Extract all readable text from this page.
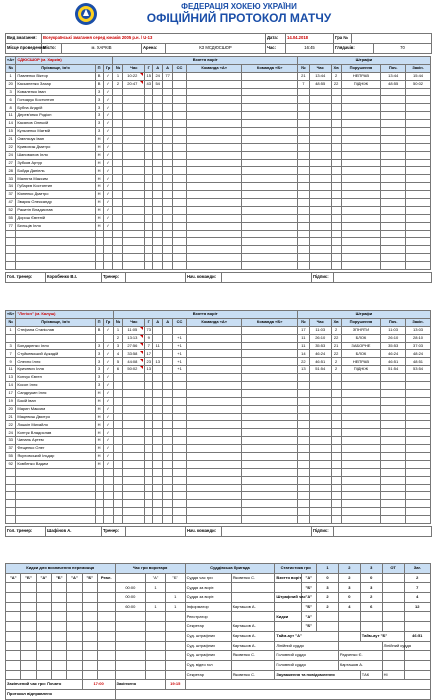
ФЕДЕРАЦІЯ ХОКЕЮ УКРАЇНИ
ОФІЦІЙНИЙ ПРОТОКОЛ МАТЧУ
Вид змагання:	Всеукраїнські змагання серед юнаків 2005 р.н. / U-13				Дата:	14.04.2018	Гра №		
Місце проведення:	Місто:	м. ХАРКІВ	Арена:	КЗ МСДЮСШОР	Час:	16:45	Глядачів:		70
«А»	СДЮСШОР (м. Харків)			Взяття воріт								Штрафи					
№	Прізвище, Ім'я	П	Гр	№	Час	Г	А	А	СС	Команда «А»	Команда «Б»	№	Час	Хв	Порушення	Поч.	Закін.
1	Павленко Віктор	В	✓	1	10:22	15	24	77				21	13:44	2	НЕПРАВ	13:44	15:44
20	Касьяненко Захар	В	✓	2	20:47	43	54					7	48:55	22	ПІДНІЖ	48:55	50:02
3	Коваленко Іван	З	✓														
6	Гончарук Костянтин	З	✓														
8	Бубна Андрій	З	✓														
11	Дерев'янко Родіон	З	✓														
14	Касянов Олексій	З	✓														
15	Кульченко Матвій	З	✓														
21	Омельчук Іван	Н	✓														
22	Кривохиж Дмитро	Н	✓														
24	Шаповалов Ілля	Н	✓														
27	Зубков Артур	Н	✓														
28	Бойда Даніель	Н	✓														
33	Малюта Максим	Н	✓														
34	Губарєв Костянтин	Н	✓														
37	Кіяненко Дмитро	Н	✓														
47	Зварик Олександр	Н	✓														
52	Ракитін Владислав	Н	✓														
55	Дорош Євгеній	Н	✓														
77	Бєльців Ілля	Н	✓														

Гол. тренер:	Коробенко В.І.	Тренер:		Нач. команди:		Підпис:	
«Б»	"Легіон" (м. Калуш)			Взяття воріт								Штрафи					
№	Прізвище, Ім'я	П	Гр	№	Час	Г	А	А	СС	Команда «А»	Команда «Б»	№	Час	Хв	Порушення	Поч.	Закін.
1	Стефана Станіслав	В	✓	1	11:05	73						17	11:03	2	ЗПНЯТИ	11:03	13:03
				2	13:13	9			+1			11	26:10	22	БЛОК	26:10	28:10
3	Бондаренко Ілля	З	✓	3	27:56	7	11		+1			11	35:53	21	ЗАБОРНЕ	35:53	37:03
7	Стуйкевський Аркадій	З	✓	4	33:58	17			+1			14	46:24	22	БЛОК	46:24	48:24
9	Олехно Ілля	З	✓	5	44:08	23	13		+1			22	46:51	2	НЕПРАВ	46:51	48:51
11	Кричевич Ілля	З	✓	6	50:02	13			+1			13	51:54	2	ПІДНІЖ	51:54	53:54
13	Копчук Євген	З	✓														
14	Косон Ілля	З	✓														
17	Сандрукин Ілля	Н	✓														
19	Бокій Іван	Н	✓														
20	Марин Максим	Н	✓														
21	Мацевиш Дмитро	Н	✓														
22	Лошкін Михайло	Н	✓														
24	Коптук Владислав	Н	✓														
33	Чипань Артем	Н	✓														
37	Фещенко Олег	Н	✓														
55	Якуловський Ільдар	Н	✓														
92	Ковбенко Вадим	Н	✓														

Гол. тренер:	Шафінов А.	Тренер:		Нач. команди:		Підпис:	
Кидки для визначення переможця							Час гри воротаря			Суддівська бригада		Статистика гри		1	2	3	ОТ	Заг.
"А"	"Б"	"А"	"Б"	"А"	"Б"	Реал.		"А"	"Б"	Суддя час гри	Яковенко С.	Взяття воріт	"А"	0	2	0		2
							00:00	1		Суддя за воріт.			"Б"	3	3	3		7
							00:00		1	Суддя за воріт.		Штрафний час	"А"	2	0	2		4
							60:00	1	1	Інформатор	Карташов А.		"Б"	2	4	6		12
										Реєстратор		Кидки	"А"					
										Секретар	Карташов А.		"Б"					
										Суд. штрафних	Карташов А.	Тайм-аут "А"				Тайм-аут "Б"		46:51
										Суд. штрафних	Карташов А.	Лінійний суддя					Лінійний суддя	
										Суд. штрафних	Яковенко С.	Головний суддя			Радченко Є.			
										Суд. відео гол		Головний суддя			Карташов А.			
										Секретар	Яковенко С.	Зауваження та повідомлення				ТАК	НІ	
Закінчений час гри: Почато					17:00		Закінчено		19:15									
Протокол відправлено																		
